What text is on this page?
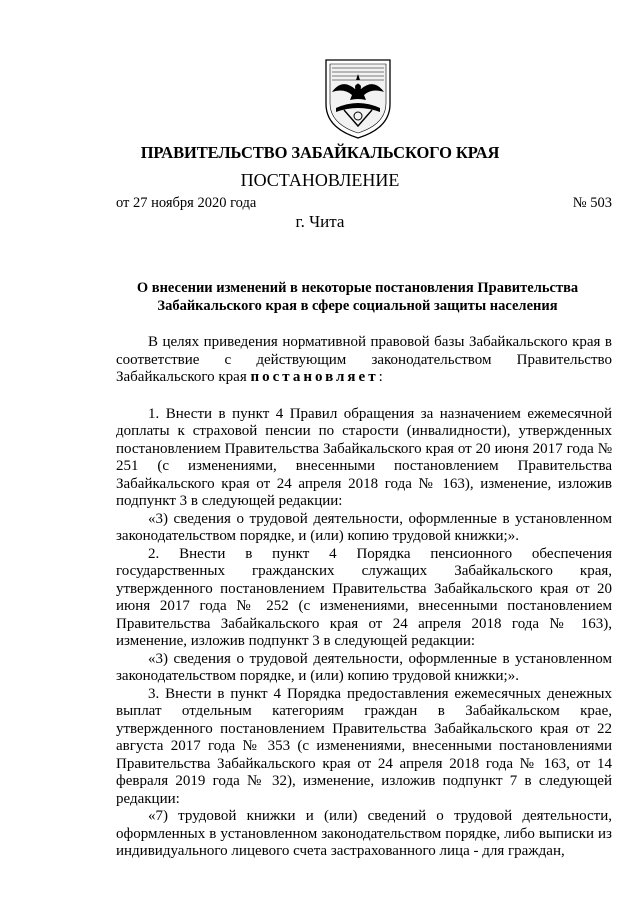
ПРАВИТЕЛЬСТВО ЗАБАЙКАЛЬСКОГО КРАЯ
ПОСТАНОВЛЕНИЕ
от 27 ноября 2020 года	№ 503
г. Чита
О внесении изменений в некоторые постановления Правительства
Забайкальского края в сфере социальной защиты населения

В целях приведения нормативной правовой базы Забайкальского края в соответствие с действующим законодательством Правительство Забайкальского края постановляет:

1. Внести в пункт 4 Правил обращения за назначением ежемесячной доплаты к страховой пенсии по старости (инвалидности), утвержденных постановлением Правительства Забайкальского края от 20 июня 2017 года № 251 (с изменениями, внесенными постановлением Правительства Забайкальского края от 24 апреля 2018 года № 163), изменение, изложив подпункт 3 в следующей редакции:

«3) сведения о трудовой деятельности, оформленные в установленном законодательством порядке, и (или) копию трудовой книжки;».

2. Внести в пункт 4 Порядка пенсионного обеспечения государственных гражданских служащих Забайкальского края, утвержденного постановлением Правительства Забайкальского края от 20 июня 2017 года № 252 (с изменениями, внесенными постановлением Правительства Забайкальского края от 24 апреля 2018 года № 163), изменение, изложив подпункт 3 в следующей редакции:

«3) сведения о трудовой деятельности, оформленные в установленном законодательством порядке, и (или) копию трудовой книжки;».

3. Внести в пункт 4 Порядка предоставления ежемесячных денежных выплат отдельным категориям граждан в Забайкальском крае, утвержденного постановлением Правительства Забайкальского края от 22 августа 2017 года № 353 (с изменениями, внесенными постановлениями Правительства Забайкальского края от 24 апреля 2018 года № 163, от 14 февраля 2019 года № 32), изменение, изложив подпункт 7 в следующей редакции:

«7) трудовой книжки и (или) сведений о трудовой деятельности, оформленных в установленном законодательством порядке, либо выписки из индивидуального лицевого счета застрахованного лица - для граждан,
